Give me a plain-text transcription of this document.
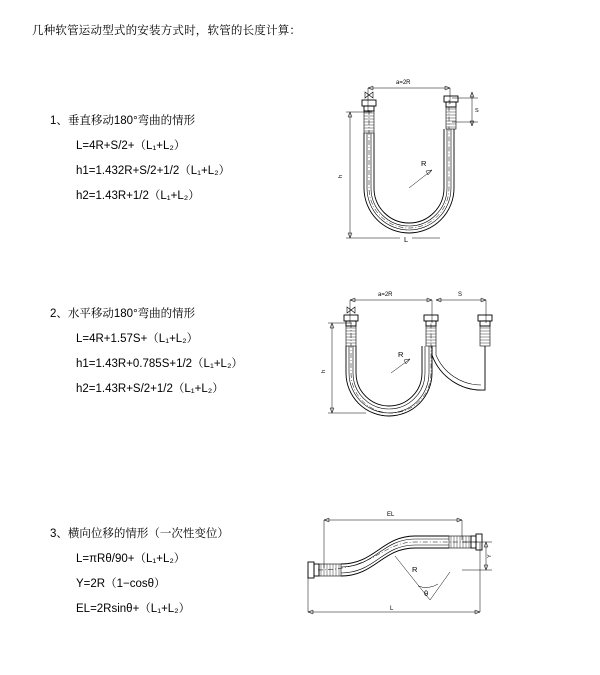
几种软管运动型式的安装方式时，软管的长度计算：
1、垂直移动180°弯曲的情形
L=4R+S/2+（L₁+L₂）
h1=1.432R+S/2+1/2（L₁+L₂）
h2=1.43R+1/2（L₁+L₂）
a=2R
S
h
R
L
2、水平移动180°弯曲的情形
L=4R+1.57S+（L₁+L₂）
h1=1.43R+0.785S+1/2（L₁+L₂）
h2=1.43R+S/2+1/2（L₁+L₂）
a=2R	S
h
R
3、横向位移的情形（一次性变位）
L=πRθ/90+（L₁+L₂）
Y=2R（1−cosθ）
EL=2Rsinθ+（L₁+L₂）
EL
L
Y
θ
R
